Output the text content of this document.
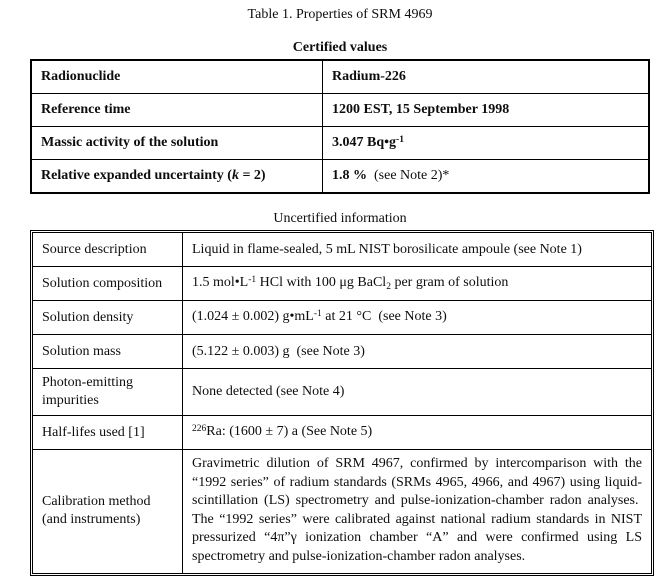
Table 1. Properties of SRM 4969
Certified values
Radionuclide	Radium-226
Reference time	1200 EST, 15 September 1998
Massic activity of the solution	3.047 $Bq•g^{-1}$
Relative expanded uncertainty (k = 2)	1.8 %  (see Note 2)*
Uncertified information
Source description	Liquid in flame-sealed, 5 mL NIST borosilicate ampoule (see Note 1)
Solution composition	1.5 $mol•L^{-1}$ HCl with 100 μg BaCl$_2$ per gram of solution
Solution density	(1.024 ± 0.002) $g•mL^{-1}$ at 21 °C  (see Note 3)
Solution mass	(5.122 ± 0.003) g  (see Note 3)
Photon-emitting impurities	None detected (see Note 4)
Half-lifes used [1]	$^{226}$Ra: (1600 ± 7) a (See Note 5)
Calibration method (and instruments)	Gravimetric dilution of SRM 4967, confirmed by intercomparison with the “1992 series” of radium standards (SRMs 4965, 4966, and 4967) using liquid-scintillation (LS) spectrometry and pulse-ionization-chamber radon analyses.  The “1992 series” were calibrated against national radium standards in NIST pressurized “4π”γ ionization chamber “A” and were confirmed using LS spectrometry and pulse-ionization-chamber radon analyses.
